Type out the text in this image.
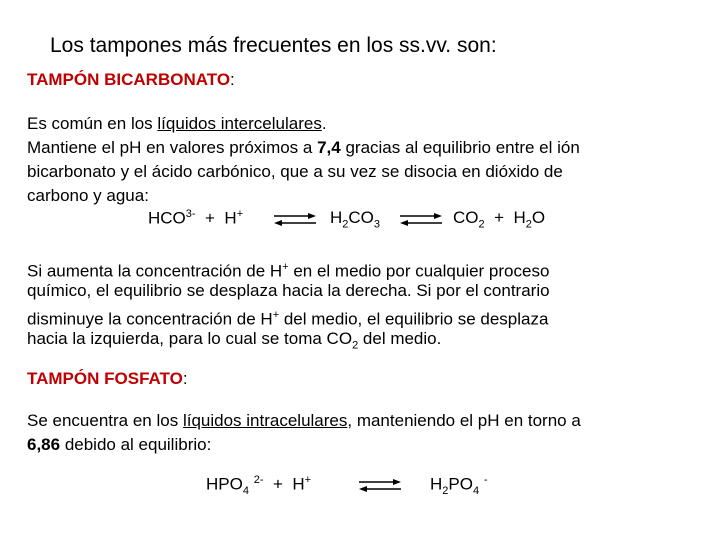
Los tampones más frecuentes en los ss.vv. son:
TAMPÓN BICARBONATO:
Es común en los líquidos intercelulares.
Mantiene el pH en valores próximos a 7,4 gracias al equilibrio entre el ión
bicarbonato y el ácido carbónico, que a su vez se disocia en dióxido de
carbono y agua:
$HCO^{3-} + H^+$ ⇌ $H_2CO_3$ ⇌ $CO_2 + H_2O$
Si aumenta la concentración de H+ en el medio por cualquier proceso
químico, el equilibrio se desplaza hacia la derecha. Si por el contrario
disminuye la concentración de H+ del medio, el equilibrio se desplaza
hacia la izquierda, para lo cual se toma $CO_2$ del medio.
TAMPÓN FOSFATO:
Se encuentra en los líquidos intracelulares, manteniendo el pH en torno a
6,86 debido al equilibrio:
$HPO_4$ $^{2-}$ + H+	$H_2PO_4$ -
